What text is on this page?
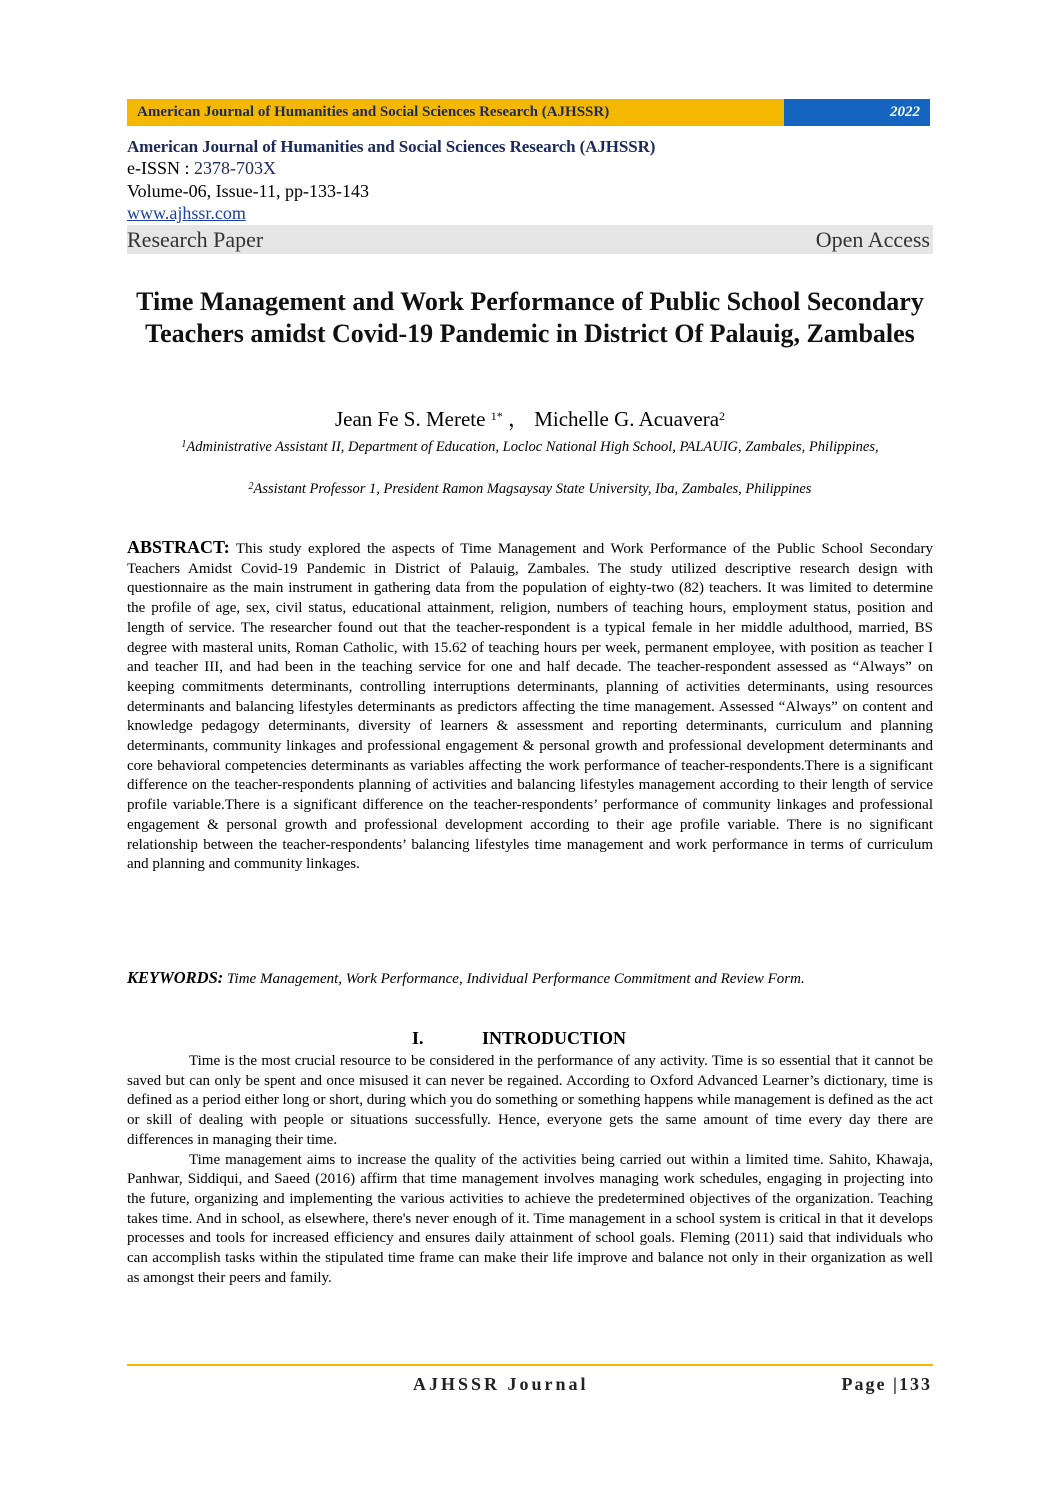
American Journal of Humanities and Social Sciences Research (AJHSSR)	2022
American Journal of Humanities and Social Sciences Research (AJHSSR)
e-ISSN : 2378-703X
Volume-06, Issue-11, pp-133-143
www.ajhssr.com
Research Paper	Open Access
Time Management and Work Performance of Public School Secondary Teachers amidst Covid-19 Pandemic in District Of Palauig, Zambales
Jean Fe S. Merete $^{1*}$ ， Michelle G. Acuavera$^2$
$^1$Administrative Assistant II, Department of Education, Locloc National High School, PALAUIG, Zambales, Philippines,
$^2$Assistant Professor 1, President Ramon Magsaysay State University, Iba, Zambales, Philippines
ABSTRACT: This study explored the aspects of Time Management and Work Performance of the Public School Secondary Teachers Amidst Covid-19 Pandemic in District of Palauig, Zambales. The study utilized descriptive research design with questionnaire as the main instrument in gathering data from the population of eighty-two (82) teachers. It was limited to determine the profile of age, sex, civil status, educational attainment, religion, numbers of teaching hours, employment status, position and length of service. The researcher found out that the teacher-respondent is a typical female in her middle adulthood, married, BS degree with masteral units, Roman Catholic, with 15.62 of teaching hours per week, permanent employee, with position as teacher I and teacher III, and had been in the teaching service for one and half decade. The teacher-respondent assessed as “Always” on keeping commitments determinants, controlling interruptions determinants, planning of activities determinants, using resources determinants and balancing lifestyles determinants as predictors affecting the time management. Assessed “Always” on content and knowledge pedagogy determinants, diversity of learners & assessment and reporting determinants, curriculum and planning determinants, community linkages and professional engagement & personal growth and professional development determinants and core behavioral competencies determinants as variables affecting the work performance of teacher-respondents.There is a significant difference on the teacher-respondents planning of activities and balancing lifestyles management according to their length of service profile variable.There is a significant difference on the teacher-respondents’ performance of community linkages and professional engagement & personal growth and professional development according to their age profile variable. There is no significant relationship between the teacher-respondents’ balancing lifestyles time management and work performance in terms of curriculum and planning and community linkages.
KEYWORDS: Time Management, Work Performance, Individual Performance Commitment and Review Form.
I.	INTRODUCTION

Time is the most crucial resource to be considered in the performance of any activity. Time is so essential that it cannot be saved but can only be spent and once misused it can never be regained. According to Oxford Advanced Learner’s dictionary, time is defined as a period either long or short, during which you do something or something happens while management is defined as the act or skill of dealing with people or situations successfully. Hence, everyone gets the same amount of time every day there are differences in managing their time.

Time management aims to increase the quality of the activities being carried out within a limited time. Sahito, Khawaja, Panhwar, Siddiqui, and Saeed (2016) affirm that time management involves managing work schedules, engaging in projecting into the future, organizing and implementing the various activities to achieve the predetermined objectives of the organization. Teaching takes time. And in school, as elsewhere, there's never enough of it. Time management in a school system is critical in that it develops processes and tools for increased efficiency and ensures daily attainment of school goals. Fleming (2011) said that individuals who can accomplish tasks within the stipulated time frame can make their life improve and balance not only in their organization as well as amongst their peers and family.

AJHSSR Journal	Page |133
